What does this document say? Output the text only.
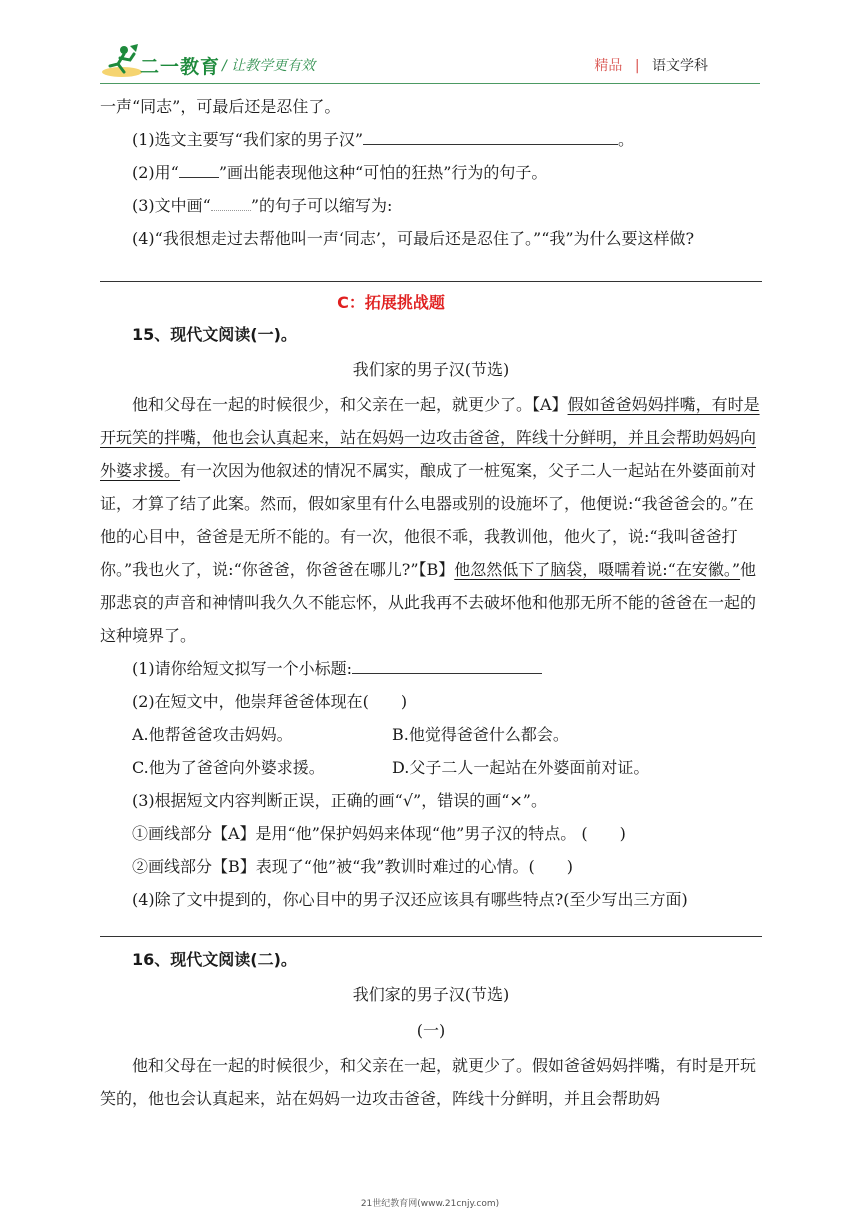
二一教育 / 让教学更有效	精品 | 语文学科

一声“同志”，可最后还是忍住了。

(1)选文主要写“我们家的男子汉”	。

(2)用“	”画出能表现他这种“可怕的狂热”行为的句子。

(3)文中画“	”的句子可以缩写为:

(4)“我很想走过去帮他叫一声‘同志’，可最后还是忍住了。”“我”为什么要这样做?

C：拓展挑战题
15、现代文阅读(一)。
我们家的男子汉(节选)

他和父母在一起的时候很少，和父亲在一起，就更少了。【A】假如爸爸妈妈拌嘴，有时是开玩笑的拌嘴，他也会认真起来，站在妈妈一边攻击爸爸，阵线十分鲜明，并且会帮助妈妈向外婆求援。有一次因为他叙述的情况不属实，酿成了一桩冤案，父子二人一起站在外婆面前对证，才算了结了此案。然而，假如家里有什么电器或别的设施坏了，他便说:“我爸爸会的。”在他的心目中，爸爸是无所不能的。有一次，他很不乖，我教训他，他火了，说:“我叫爸爸打你。”我也火了，说:“你爸爸，你爸爸在哪儿?”【B】他忽然低下了脑袋，嗫嚅着说:“在安徽。”他那悲哀的声音和神情叫我久久不能忘怀，从此我再不去破坏他和他那无所不能的爸爸在一起的这种境界了。

(1)请你给短文拟写一个小标题:

(2)在短文中，他崇拜爸爸体现在(　　)

A.他帮爸爸攻击妈妈。	B.他觉得爸爸什么都会。
C.他为了爸爸向外婆求援。	D.父子二人一起站在外婆面前对证。

(3)根据短文内容判断正误，正确的画“√”，错误的画“×”。

①画线部分【A】是用“他”保护妈妈来体现“他”男子汉的特点。 (　　)

②画线部分【B】表现了“他”被“我”教训时难过的心情。(　　)

(4)除了文中提到的，你心目中的男子汉还应该具有哪些特点?(至少写出三方面)

16、现代文阅读(二)。
我们家的男子汉(节选)
(一)

他和父母在一起的时候很少，和父亲在一起，就更少了。假如爸爸妈妈拌嘴，有时是开玩笑的，他也会认真起来，站在妈妈一边攻击爸爸，阵线十分鲜明，并且会帮助妈

21世纪教育网(www.21cnjy.com)
